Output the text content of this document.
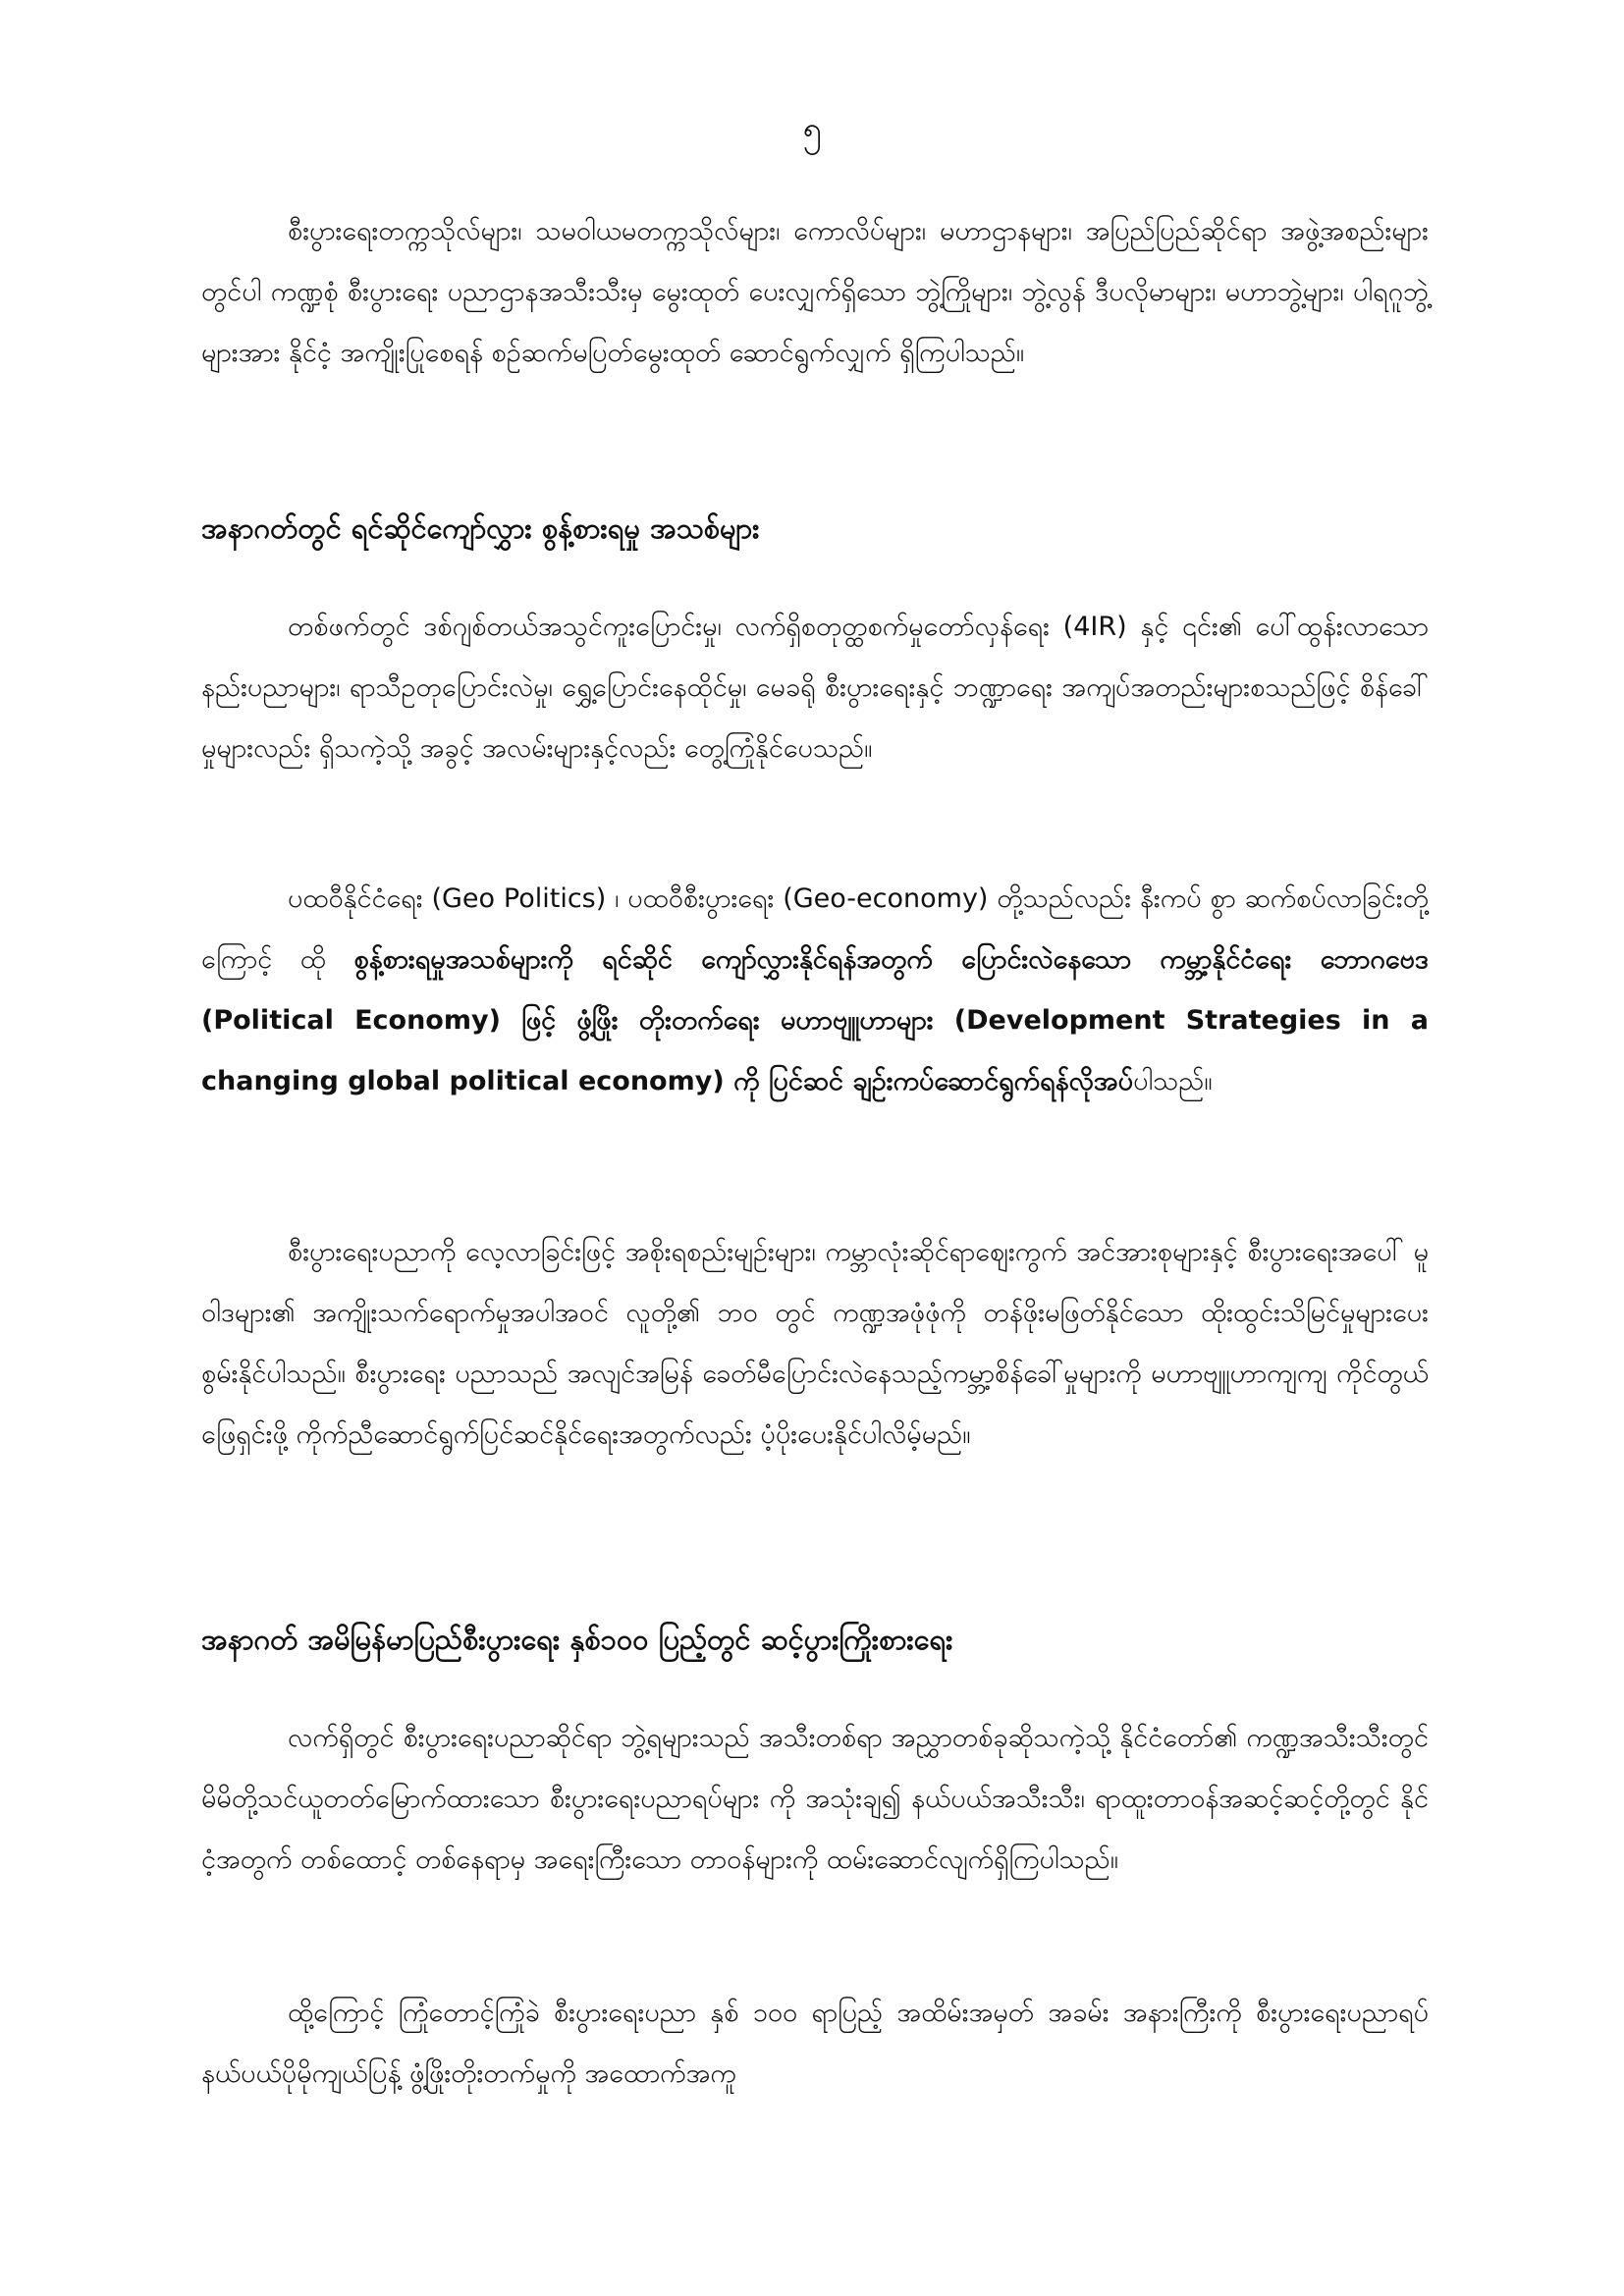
၅

စီးပွားရေးတက္ကသိုလ်များ၊ သမဝါယမတက္ကသိုလ်များ၊ ကောလိပ်များ၊ မဟာဌာနများ၊ အပြည်ပြည်ဆိုင်ရာ အဖွဲ့အစည်းများတွင်ပါ ကဏ္ဍစုံ စီးပွားရေး ပညာဌာနအသီးသီးမှ မွေးထုတ် ပေးလျှက်ရှိသော ဘွဲ့ကြိုများ၊ ဘွဲ့လွန် ဒီပလိုမာများ၊ မဟာဘွဲ့များ၊ ပါရဂူဘွဲ့များအား နိုင်ငံ့ အကျိုးပြုစေရန် စဉ်ဆက်မပြတ်မွေးထုတ် ဆောင်ရွက်လျှက် ရှိကြပါသည်။

အနာဂတ်တွင် ရင်ဆိုင်ကျော်လွှား စွန့်စားရမှု အသစ်များ

တစ်ဖက်တွင် ဒစ်ဂျစ်တယ်အသွင်ကူးပြောင်းမှု၊ လက်ရှိစတုတ္ထစက်မှုတော်လှန်ရေး (4IR) နှင့် ၎င်း၏ ပေါ်ထွန်းလာသောနည်းပညာများ၊ ရာသီဥတုပြောင်းလဲမှု၊ ရွှေ့ပြောင်းနေထိုင်မှု၊ မေခရို စီးပွားရေးနှင့် ဘဏ္ဍာရေး အကျပ်အတည်းများစသည်ဖြင့် စိန်ခေါ်မှုများလည်း ရှိသကဲ့သို့ အခွင့် အလမ်းများနှင့်လည်း တွေ့ကြုံနိုင်ပေသည်။

ပထဝီနိုင်ငံရေး (Geo Politics) ၊ ပထဝီစီးပွားရေး (Geo-economy) တို့သည်လည်း နီးကပ် စွာ ဆက်စပ်လာခြင်းတို့ကြောင့် ထို စွန့်စားရမှုအသစ်များကို ရင်ဆိုင် ကျော်လွှားနိုင်ရန်အတွက် ပြောင်းလဲနေသော ကမ္ဘာ့နိုင်ငံရေး ဘောဂဗေဒ (Political Economy) ဖြင့် ဖွံ့ဖြိုး တိုးတက်ရေး မဟာဗျူဟာများ (Development Strategies in a changing global political economy) ကို ပြင်ဆင် ချဉ်းကပ်ဆောင်ရွက်ရန်လိုအပ်ပါသည်။

စီးပွားရေးပညာကို လေ့လာခြင်းဖြင့် အစိုးရစည်းမျဉ်းများ၊ ကမ္ဘာလုံးဆိုင်ရာဈေးကွက် အင်အားစုများနှင့် စီးပွားရေးအပေါ် မူဝါဒများ၏ အကျိုးသက်ရောက်မှုအပါအဝင် လူတို့၏ ဘဝ တွင် ကဏ္ဍအဖုံဖုံကို တန်ဖိုးမဖြတ်နိုင်သော ထိုးထွင်းသိမြင်မှုများပေးစွမ်းနိုင်ပါသည်။ စီးပွားရေး ပညာသည် အလျင်အမြန် ခေတ်မီပြောင်းလဲနေသည့်ကမ္ဘာ့စိန်ခေါ်မှုများကို မဟာဗျူဟာကျကျ ကိုင်တွယ် ဖြေရှင်းဖို့ ကိုက်ညီဆောင်ရွက်ပြင်ဆင်နိုင်ရေးအတွက်လည်း ပံ့ပိုးပေးနိုင်ပါလိမ့်မည်။

အနာဂတ် အမိမြန်မာပြည်စီးပွားရေး နှစ်၁၀၀ ပြည့်တွင် ဆင့်ပွားကြိုးစားရေး

လက်ရှိတွင် စီးပွားရေးပညာဆိုင်ရာ ဘွဲ့ရများသည် အသီးတစ်ရာ အညွှာတစ်ခုဆိုသကဲ့သို့ နိုင်ငံတော်၏ ကဏ္ဍအသီးသီးတွင် မိမိတို့သင်ယူတတ်မြောက်ထားသော စီးပွားရေးပညာရပ်များ ကို အသုံးချ၍ နယ်ပယ်အသီးသီး၊ ရာထူးတာဝန်အဆင့်ဆင့်တို့တွင် နိုင်ငံ့အတွက် တစ်ထောင့် တစ်နေရာမှ အရေးကြီးသော တာဝန်များကို ထမ်းဆောင်လျက်ရှိကြပါသည်။

ထို့ကြောင့် ကြုံတောင့်ကြုံခဲ စီးပွားရေးပညာ နှစ် ၁၀၀ ရာပြည့် အထိမ်းအမှတ် အခမ်း အနားကြီးကို စီးပွားရေးပညာရပ် နယ်ပယ်ပိုမိုကျယ်ပြန့် ဖွံ့ဖြိုးတိုးတက်မှုကို အထောက်အကူ
